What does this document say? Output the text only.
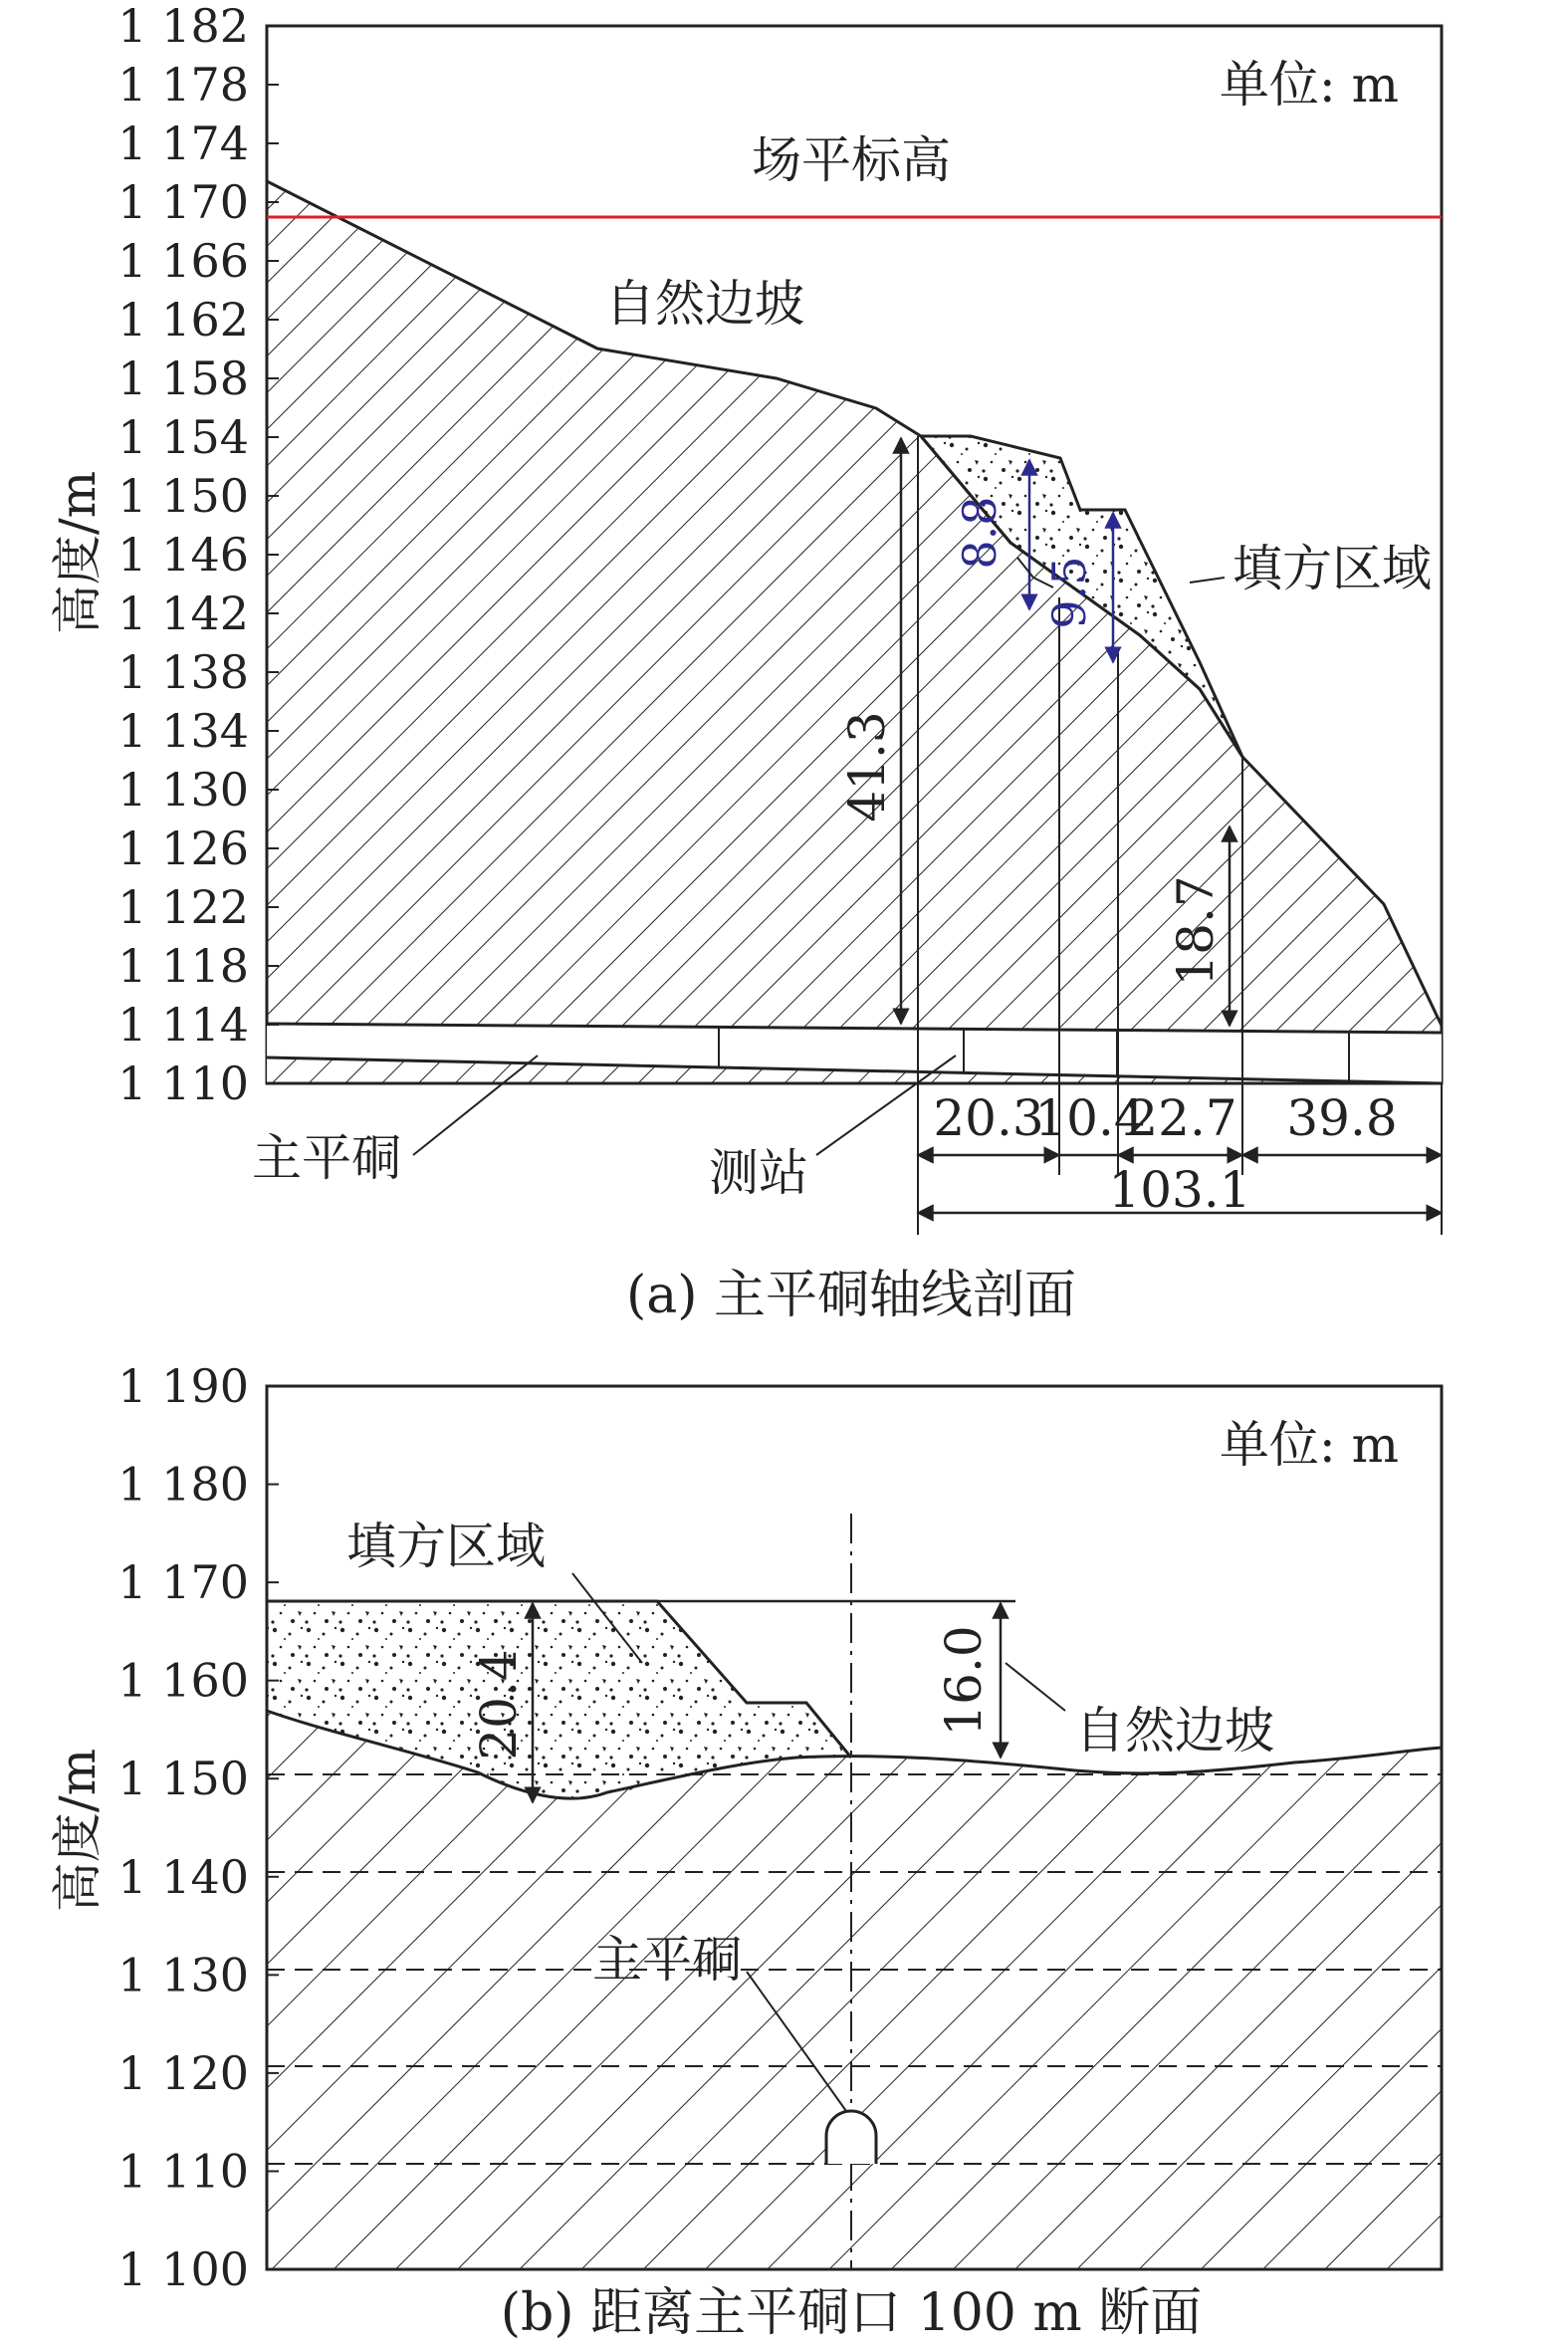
41.3
18.7
8.8
9.5
20.3
10.4
22.7 39.8
103.1
单位: m
场平标高
自然边坡
填方区域
主平硐	测站
1 182
1 178
1 174
1 170
1 166
1 162
1 158
1 154
1 150
1 146
1 142
1 138
1 134
1 130
1 126
1 122
1 118
1 114
1 110
高度/m
(a) 主平硐轴线剖面
20.4	16.0
单位: m
填方区域
自然边坡
主平硐
1 190
1 180
1 170
1 160
1 150
1 140
1 130
1 120
1 110
1 100
高度/m
(b) 距离主平硐口 100 m 断面
